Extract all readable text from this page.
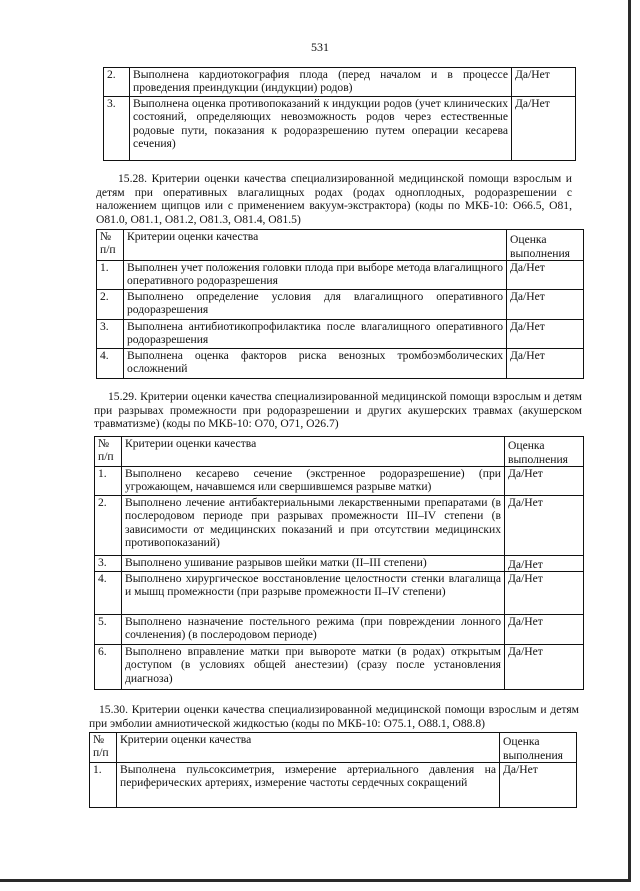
531
2.	Выполнена кардиотокография плода (перед началом и в процессе проведения преиндукции (индукции) родов)	Да/Нет
3.	Выполнена оценка противопоказаний к индукции родов (учет клинических состояний, определяющих невозможность родов через естественные родовые пути, показания к родоразрешению путем операции кесарева сечения)	Да/Нет
15.28. Критерии оценки качества специализированной медицинской помощи взрослым и детям при оперативных влагалищных родах (родах одноплодных, родоразрешении с наложением щипцов или с применением вакуум-экстрактора) (коды по МКБ-10: O66.5, O81, O81.0, O81.1, O81.2, O81.3, O81.4, O81.5)
№ п/п	Критерии оценки качества	Оценка выполнения
1.	Выполнен учет положения головки плода при выборе метода влагалищного оперативного родоразрешения	Да/Нет
2.	Выполнено определение условия для влагалищного оперативного родоразрешения	Да/Нет
3.	Выполнена антибиотикопрофилактика после влагалищного оперативного родоразрешения	Да/Нет
4.	Выполнена оценка факторов риска венозных тромбоэмболических осложнений	Да/Нет
15.29. Критерии оценки качества специализированной медицинской помощи взрослым и детям при разрывах промежности при родоразрешении и других акушерских травмах (акушерском травматизме) (коды по МКБ-10: O70, O71, O26.7)
№ п/п	Критерии оценки качества	Оценка выполнения
1.	Выполнено кесарево сечение (экстренное родоразрешение) (при угрожающем, начавшемся или свершившемся разрыве матки)	Да/Нет
2.	Выполнено лечение антибактериальными лекарственными препаратами (в послеродовом периоде при разрывах промежности III–IV степени (в зависимости от медицинских показаний и при отсутствии медицинских противопоказаний)	Да/Нет
3.	Выполнено ушивание разрывов шейки матки (II–III степени)	Да/Нет
4.	Выполнено хирургическое восстановление целостности стенки влагалища и мышц промежности (при разрыве промежности II–IV степени)	Да/Нет
5.	Выполнено назначение постельного режима (при повреждении лонного сочленения) (в послеродовом периоде)	Да/Нет
6.	Выполнено вправление матки при вывороте матки (в родах) открытым доступом (в условиях общей анестезии) (сразу после установления диагноза)	Да/Нет
15.30. Критерии оценки качества специализированной медицинской помощи взрослым и детям при эмболии амниотической жидкостью (коды по МКБ-10: O75.1, O88.1, O88.8)
№ п/п	Критерии оценки качества	Оценка выполнения
1.	Выполнена пульсоксиметрия, измерение артериального давления на периферических артериях, измерение частоты сердечных сокращений	Да/Нет
